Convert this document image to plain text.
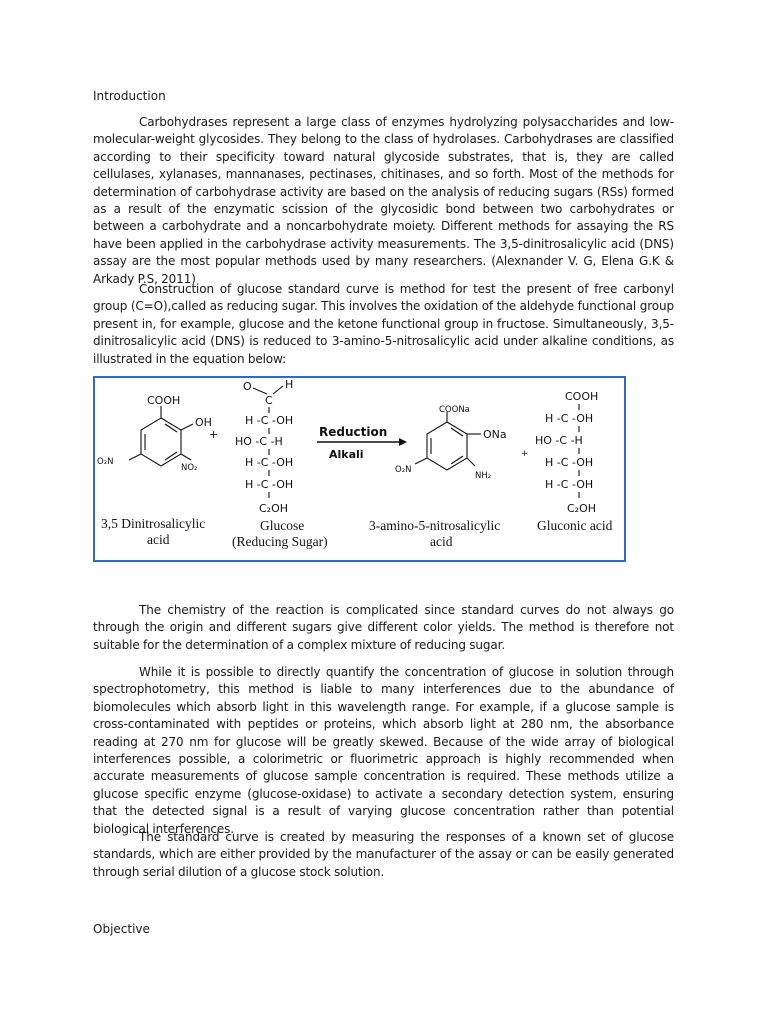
Introduction

Carbohydrases represent a large class of enzymes hydrolyzing polysaccharides and low-molecular-weight glycosides. They belong to the class of hydrolases. Carbohydrases are classified according to their specificity toward natural glycoside substrates, that is, they are called cellulases, xylanases, mannanases, pectinases, chitinases, and so forth. Most of the methods for determination of carbohydrase activity are based on the analysis of reducing sugars (RSs) formed as a result of the enzymatic scission of the glycosidic bond between two carbohydrates or between a carbohydrate and a noncarbohydrate moiety. Different methods for assaying the RS have been applied in the carbohydrase activity measurements. The 3,5-dinitrosalicylic acid (DNS) assay are the most popular methods used by many researchers. (Alexnander V. G, Elena G.K & Arkady P.S, 2011)

Construction of glucose standard curve is method for test the present of free carbonyl group (C=O),called as reducing sugar. This involves the oxidation of the aldehyde functional group present in, for example, glucose and the ketone functional group in fructose. Simultaneously, 3,5-dinitrosalicylic acid (DNS) is reduced to 3-amino-5-nitrosalicylic acid under alkaline conditions, as illustrated in the equation below:

COOH
OH
O₂N
NO₂
3,5 Dinitrosalicylic
acid
+
O	H
C
H -C -OH
HO -C -H
H -C -OH
H -C -OH
C₂OH
Glucose
(Reducing Sugar)
Reduction
Alkali
COONa
ONa
O₂N
NH₂
3-amino-5-nitrosalicylic
acid
+
COOH
H -C -OH
HO -C -H
H -C -OH
H -C -OH
C₂OH
Gluconic acid

The chemistry of the reaction is complicated since standard curves do not always go through the origin and different sugars give different color yields. The method is therefore not suitable for the determination of a complex mixture of reducing sugar.

While it is possible to directly quantify the concentration of glucose in solution through spectrophotometry, this method is liable to many interferences due to the abundance of biomolecules which absorb light in this wavelength range. For example, if a glucose sample is cross-contaminated with peptides or proteins, which absorb light at 280 nm, the absorbance reading at 270 nm for glucose will be greatly skewed. Because of the wide array of biological interferences possible, a colorimetric or fluorimetric approach is highly recommended when accurate measurements of glucose sample concentration is required. These methods utilize a glucose specific enzyme (glucose-oxidase) to activate a secondary detection system, ensuring that the detected signal is a result of varying glucose concentration rather than potential biological interferences.

The standard curve is created by measuring the responses of a known set of glucose standards, which are either provided by the manufacturer of the assay or can be easily generated through serial dilution of a glucose stock solution.

Objective
